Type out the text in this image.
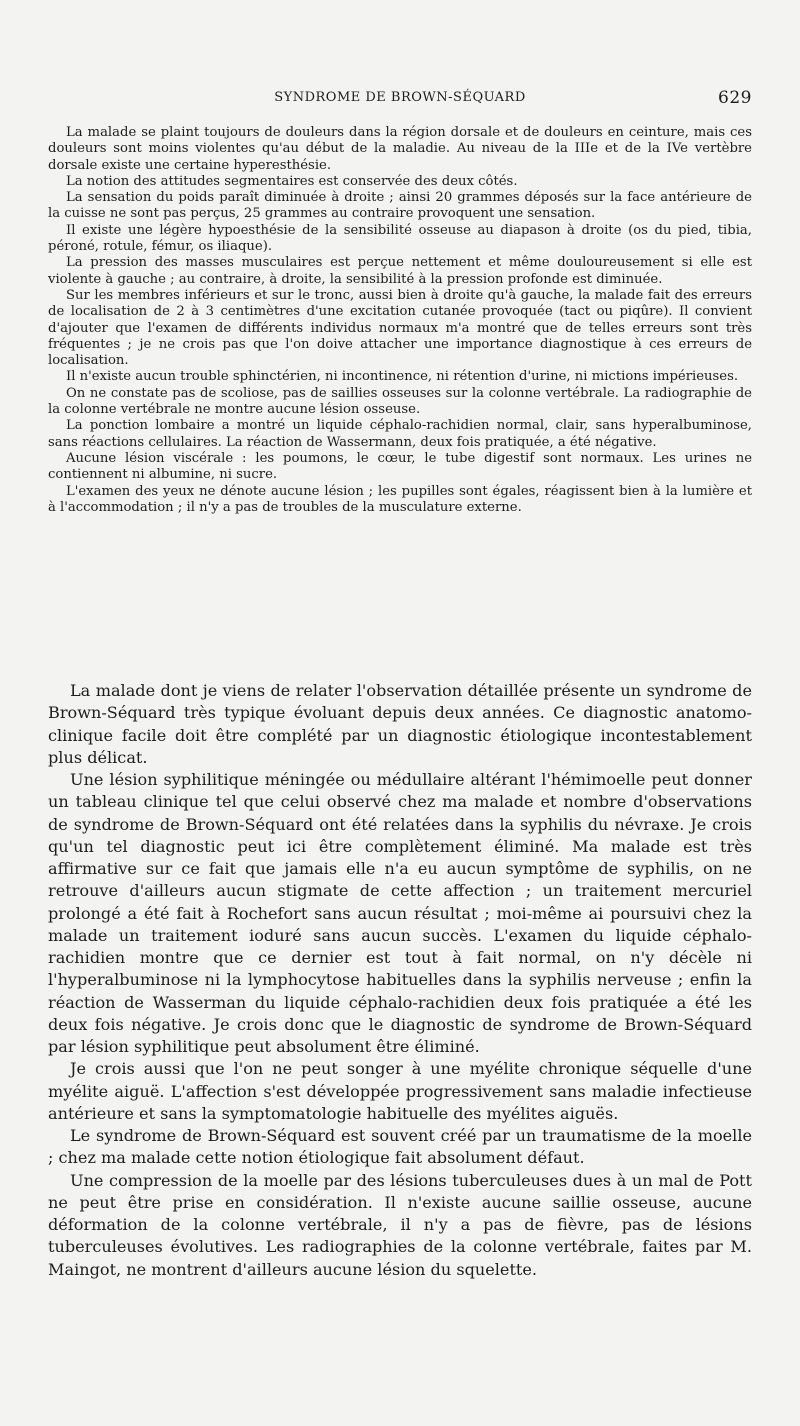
SYNDROME DE BROWN-SÉQUARD	629

La malade se plaint toujours de douleurs dans la région dorsale et de douleurs en ceinture, mais ces douleurs sont moins violentes qu'au début de la maladie. Au niveau de la IIIe et de la IVe vertèbre dorsale existe une certaine hyperesthésie.

La notion des attitudes segmentaires est conservée des deux côtés.

La sensation du poids paraît diminuée à droite ; ainsi 20 grammes déposés sur la face antérieure de la cuisse ne sont pas perçus, 25 grammes au contraire provoquent une sensation.

Il existe une légère hypoesthésie de la sensibilité osseuse au diapason à droite (os du pied, tibia, péroné, rotule, fémur, os iliaque).

La pression des masses musculaires est perçue nettement et même douloureusement si elle est violente à gauche ; au contraire, à droite, la sensibilité à la pression profonde est diminuée.

Sur les membres inférieurs et sur le tronc, aussi bien à droite qu'à gauche, la malade fait des erreurs de localisation de 2 à 3 centimètres d'une excitation cutanée provoquée (tact ou piqûre). Il convient d'ajouter que l'examen de différents individus normaux m'a montré que de telles erreurs sont très fréquentes ; je ne crois pas que l'on doive attacher une importance diagnostique à ces erreurs de localisation.

Il n'existe aucun trouble sphinctérien, ni incontinence, ni rétention d'urine, ni mictions impérieuses.

On ne constate pas de scoliose, pas de saillies osseuses sur la colonne vertébrale. La radiographie de la colonne vertébrale ne montre aucune lésion osseuse.

La ponction lombaire a montré un liquide céphalo-rachidien normal, clair, sans hyperalbuminose, sans réactions cellulaires. La réaction de Wassermann, deux fois pratiquée, a été négative.

Aucune lésion viscérale : les poumons, le cœur, le tube digestif sont normaux. Les urines ne contiennent ni albumine, ni sucre.

L'examen des yeux ne dénote aucune lésion ; les pupilles sont égales, réagissent bien à la lumière et à l'accommodation ; il n'y a pas de troubles de la musculature externe.

La malade dont je viens de relater l'observation détaillée présente un syndrome de Brown-Séquard très typique évoluant depuis deux années. Ce diagnostic anatomo-clinique facile doit être complété par un diagnostic étiologique incontestablement plus délicat.

Une lésion syphilitique méningée ou médullaire altérant l'hémimoelle peut donner un tableau clinique tel que celui observé chez ma malade et nombre d'observations de syndrome de Brown-Séquard ont été relatées dans la syphilis du névraxe. Je crois qu'un tel diagnostic peut ici être complètement éliminé. Ma malade est très affirmative sur ce fait que jamais elle n'a eu aucun symptôme de syphilis, on ne retrouve d'ailleurs aucun stigmate de cette affection ; un traitement mercuriel prolongé a été fait à Rochefort sans aucun résultat ; moi-même ai poursuivi chez la malade un traitement ioduré sans aucun succès. L'examen du liquide céphalo-rachidien montre que ce dernier est tout à fait normal, on n'y décèle ni l'hyperalbuminose ni la lymphocytose habituelles dans la syphilis nerveuse ; enfin la réaction de Wasserman du liquide céphalo-rachidien deux fois pratiquée a été les deux fois négative. Je crois donc que le diagnostic de syndrome de Brown-Séquard par lésion syphilitique peut absolument être éliminé.

Je crois aussi que l'on ne peut songer à une myélite chronique séquelle d'une myélite aiguë. L'affection s'est développée progressivement sans maladie infectieuse antérieure et sans la symptomatologie habituelle des myélites aiguës.

Le syndrome de Brown-Séquard est souvent créé par un traumatisme de la moelle ; chez ma malade cette notion étiologique fait absolument défaut.

Une compression de la moelle par des lésions tuberculeuses dues à un mal de Pott ne peut être prise en considération. Il n'existe aucune saillie osseuse, aucune déformation de la colonne vertébrale, il n'y a pas de fièvre, pas de lésions tuberculeuses évolutives. Les radiographies de la colonne vertébrale, faites par M. Maingot, ne montrent d'ailleurs aucune lésion du squelette.
